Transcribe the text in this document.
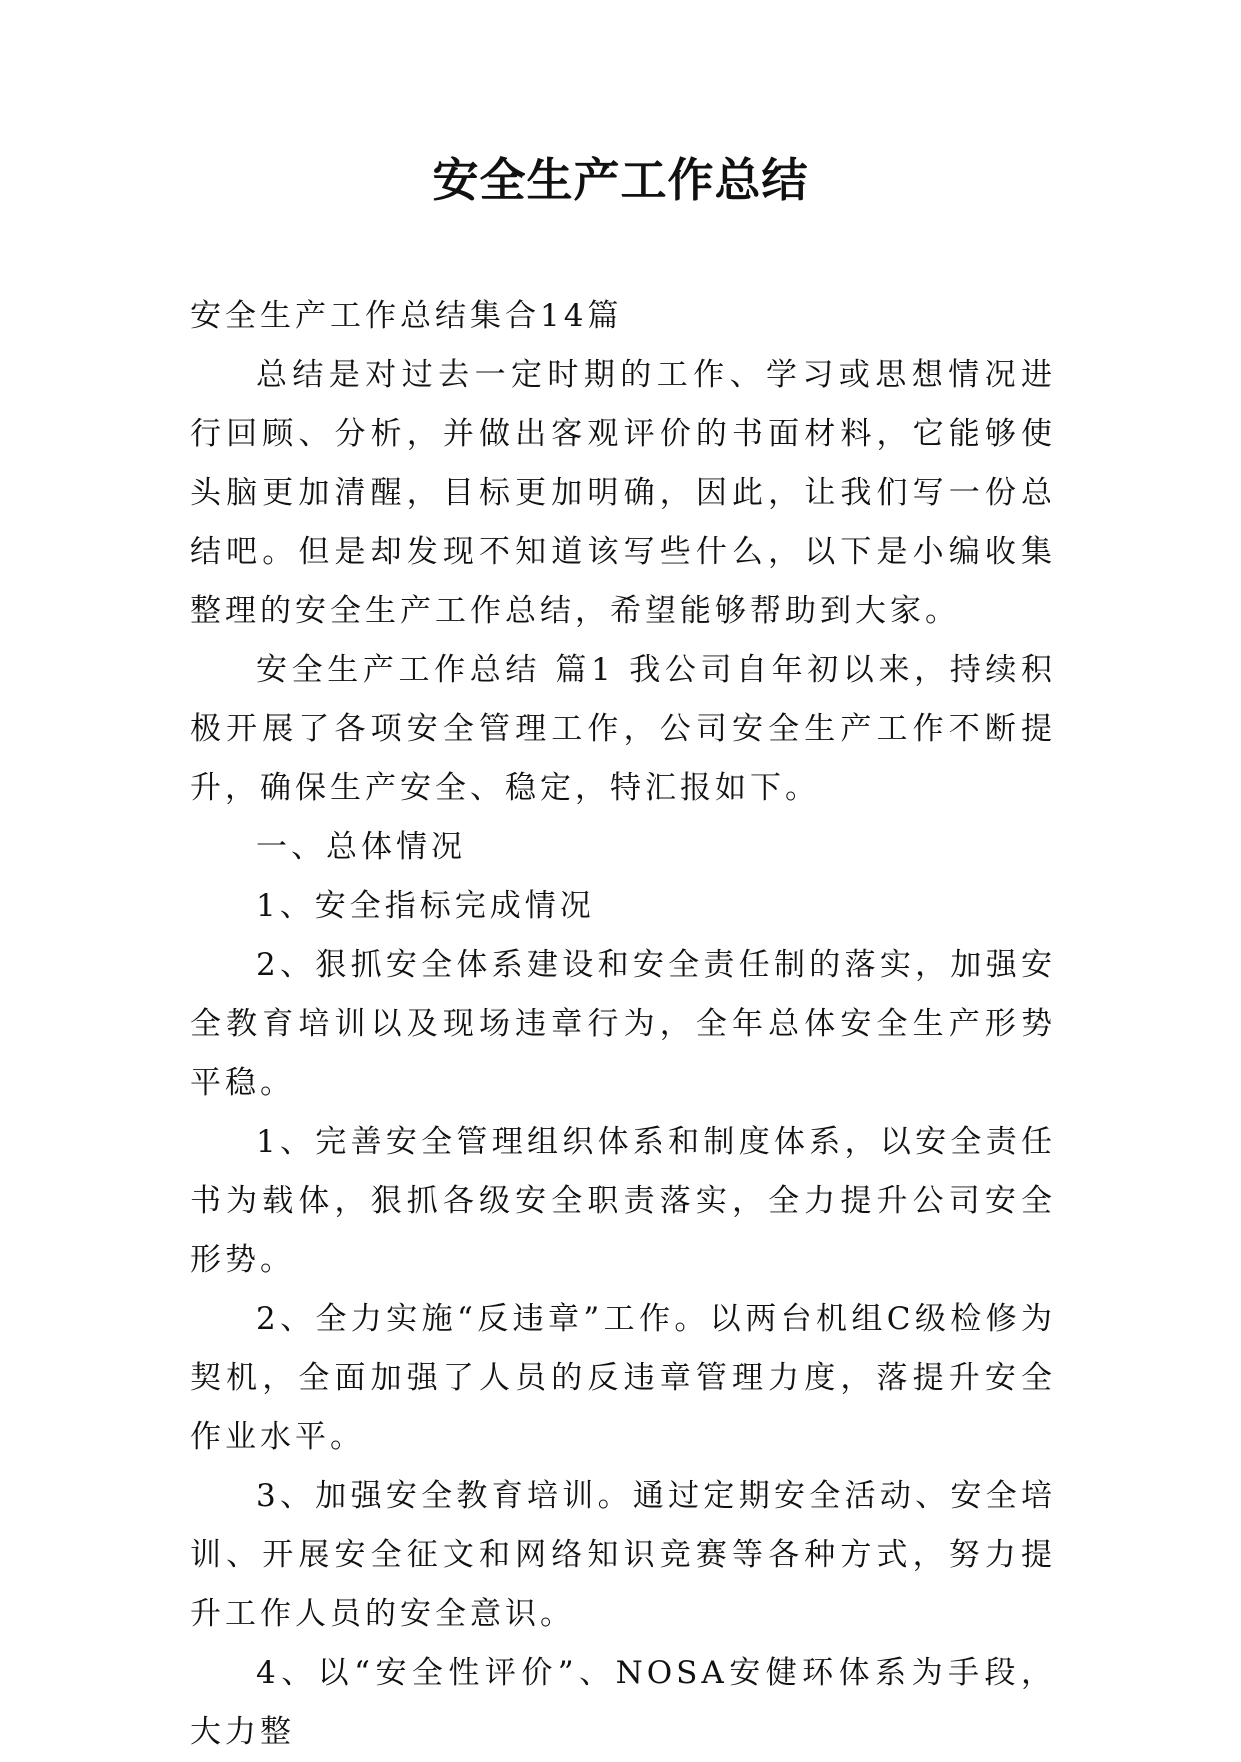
安全生产工作总结

安全生产工作总结集合14篇

总结是对过去一定时期的工作、学习或思想情况进行回顾、分析，并做出客观评价的书面材料，它能够使头脑更加清醒，目标更加明确，因此，让我们写一份总结吧。但是却发现不知道该写些什么，以下是小编收集整理的安全生产工作总结，希望能够帮助到大家。

安全生产工作总结 篇1 我公司自年初以来，持续积极开展了各项安全管理工作，公司安全生产工作不断提升，确保生产安全、稳定，特汇报如下。

一、总体情况

1、安全指标完成情况

2、狠抓安全体系建设和安全责任制的落实，加强安全教育培训以及现场违章行为，全年总体安全生产形势平稳。

1、完善安全管理组织体系和制度体系，以安全责任书为载体，狠抓各级安全职责落实，全力提升公司安全形势。

2、全力实施“反违章”工作。以两台机组C级检修为契机，全面加强了人员的反违章管理力度，落提升安全作业水平。

3、加强安全教育培训。通过定期安全活动、安全培训、开展安全征文和网络知识竞赛等各种方式，努力提升工作人员的安全意识。

4、以“安全性评价”、NOSA安健环体系为手段，大力整
